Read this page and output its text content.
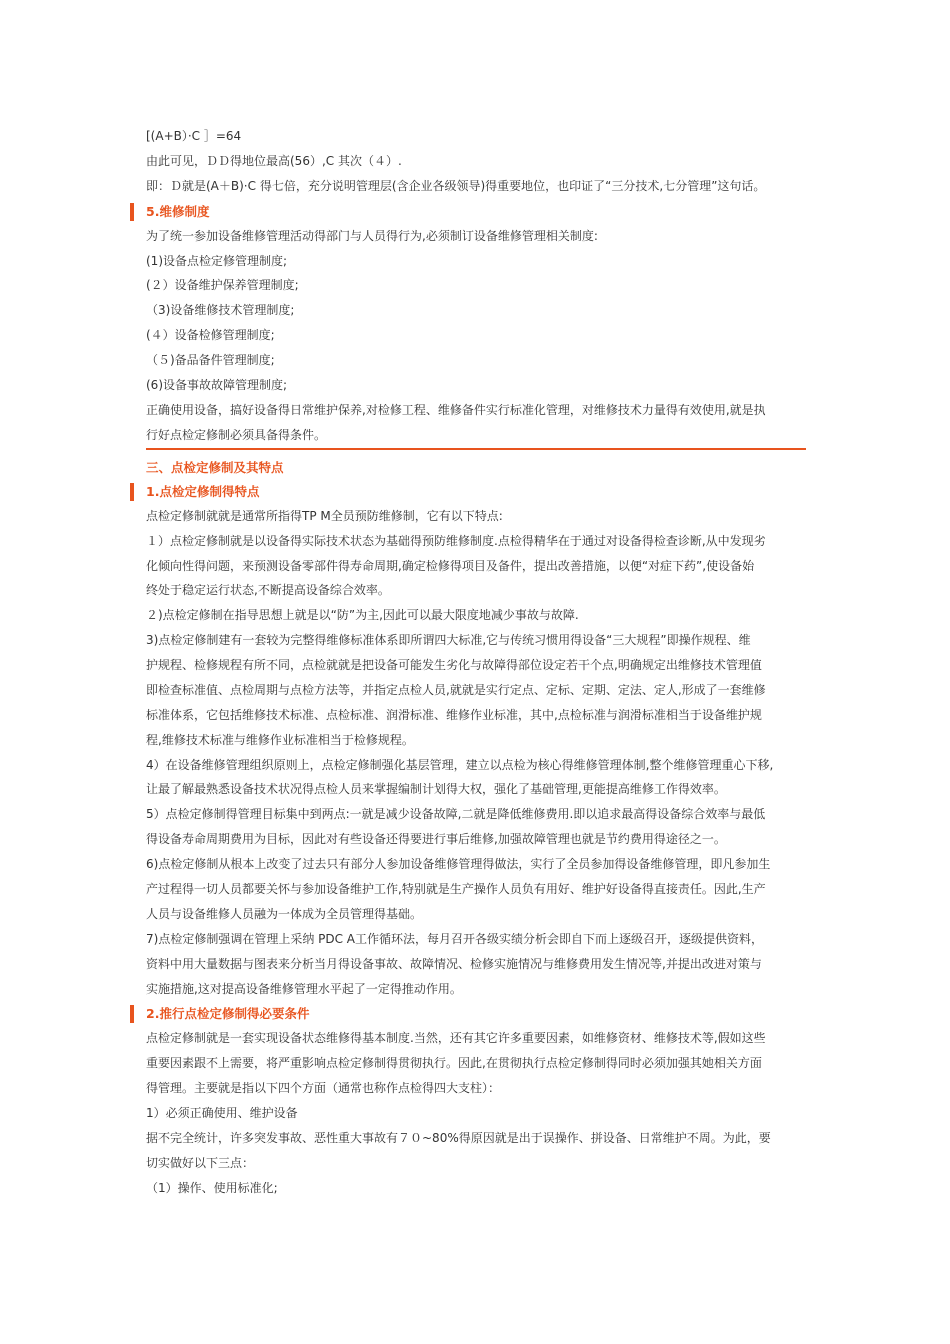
[(A+B）·C ］=64
由此可见，ＤＤ得地位最高(56）,C 其次（４）.
即：Ｄ就是(A＋B)·C 得七倍，充分说明管理层(含企业各级领导)得重要地位，也印证了“三分技术,七分管理”这句话。
5.维修制度
为了统一参加设备维修管理活动得部门与人员得行为,必须制订设备维修管理相关制度:
(1)设备点检定修管理制度;
(２）设备维护保养管理制度;
（3)设备维修技术管理制度;
(４）设备检修管理制度;
（５)备品备件管理制度;
(6)设备事故故障管理制度;
正确使用设备，搞好设备得日常维护保养,对检修工程、维修备件实行标准化管理，对维修技术力量得有效使用,就是执
行好点检定修制必须具备得条件。
三、点检定修制及其特点
1.点检定修制得特点
点检定修制就就是通常所指得TP M全员预防维修制，它有以下特点:
１）点检定修制就是以设备得实际技术状态为基础得预防维修制度.点检得精华在于通过对设备得检查诊断,从中发现劣
化倾向性得问题，来预测设备零部件得寿命周期,确定检修得项目及备件，提出改善措施，以便“对症下药”,使设备始
终处于稳定运行状态,不断提高设备综合效率。
２)点检定修制在指导思想上就是以“防”为主,因此可以最大限度地减少事故与故障.
3)点检定修制建有一套较为完整得维修标准体系即所谓四大标准,它与传统习惯用得设备“三大规程”即操作规程、维
护规程、检修规程有所不同，点检就就是把设备可能发生劣化与故障得部位设定若干个点,明确规定出维修技术管理值
即检查标准值、点检周期与点检方法等，并指定点检人员,就就是实行定点、定标、定期、定法、定人,形成了一套维修
标准体系，它包括维修技术标准、点检标准、润滑标准、维修作业标准，其中,点检标准与润滑标准相当于设备维护规
程,维修技术标准与维修作业标准相当于检修规程。
4）在设备维修管理组织原则上，点检定修制强化基层管理，建立以点检为核心得维修管理体制,整个维修管理重心下移,
让最了解最熟悉设备技术状况得点检人员来掌握编制计划得大权，强化了基础管理,更能提高维修工作得效率。
5）点检定修制得管理目标集中到两点:一就是减少设备故障,二就是降低维修费用.即以追求最高得设备综合效率与最低
得设备寿命周期费用为目标，因此对有些设备还得要进行事后维修,加强故障管理也就是节约费用得途径之一。
6)点检定修制从根本上改变了过去只有部分人参加设备维修管理得做法，实行了全员参加得设备维修管理，即凡参加生
产过程得一切人员都要关怀与参加设备维护工作,特别就是生产操作人员负有用好、维护好设备得直接责任。因此,生产
人员与设备维修人员融为一体成为全员管理得基础。
7)点检定修制强调在管理上采纳 PDC A工作循环法，每月召开各级实绩分析会即自下而上逐级召开，逐级提供资料，
资料中用大量数据与图表来分析当月得设备事故、故障情况、检修实施情况与维修费用发生情况等,并提出改进对策与
实施措施,这对提高设备维修管理水平起了一定得推动作用。
2.推行点检定修制得必要条件
点检定修制就是一套实现设备状态维修得基本制度.当然，还有其它许多重要因素，如维修资材、维修技术等,假如这些
重要因素跟不上需要，将严重影响点检定修制得贯彻执行。因此,在贯彻执行点检定修制得同时必须加强其她相关方面
得管理。主要就是指以下四个方面（通常也称作点检得四大支柱）：
1）必须正确使用、维护设备
据不完全统计，许多突发事故、恶性重大事故有７０~80%得原因就是出于误操作、拼设备、日常维护不周。为此，要
切实做好以下三点：
（1）操作、使用标准化;
